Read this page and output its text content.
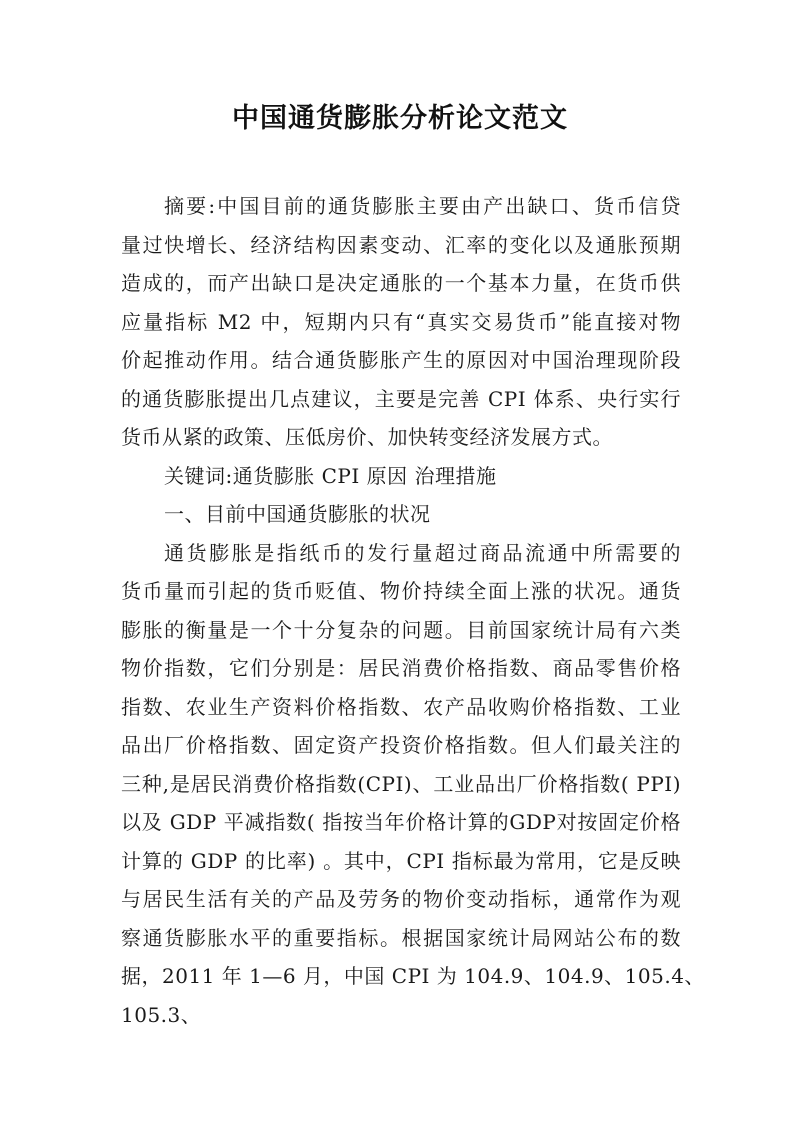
中国通货膨胀分析论文范文
摘要:中国目前的通货膨胀主要由产出缺口、货币信贷
量过快增长、经济结构因素变动、汇率的变化以及通胀预期
造成的，而产出缺口是决定通胀的一个基本力量，在货币供
应量指标 M2 中，短期内只有“真实交易货币”能直接对物
价起推动作用。结合通货膨胀产生的原因对中国治理现阶段
的通货膨胀提出几点建议，主要是完善 CPI 体系、央行实行
货币从紧的政策、压低房价、加快转变经济发展方式。
关键词:通货膨胀 CPI 原因 治理措施
一、目前中国通货膨胀的状况
通货膨胀是指纸币的发行量超过商品流通中所需要的
货币量而引起的货币贬值、物价持续全面上涨的状况。通货
膨胀的衡量是一个十分复杂的问题。目前国家统计局有六类
物价指数，它们分别是：居民消费价格指数、商品零售价格
指数、农业生产资料价格指数、农产品收购价格指数、工业
品出厂价格指数、固定资产投资价格指数。但人们最关注的
三种,是居民消费价格指数(CPI)、工业品出厂价格指数( PPI)
以及 GDP 平减指数( 指按当年价格计算的GDP对按固定价格
计算的 GDP 的比率) 。其中，CPI 指标最为常用，它是反映
与居民生活有关的产品及劳务的物价变动指标，通常作为观
察通货膨胀水平的重要指标。根据国家统计局网站公布的数
据，2011 年 1—6 月，中国 CPI 为 104.9、104.9、105.4、
105.3、
